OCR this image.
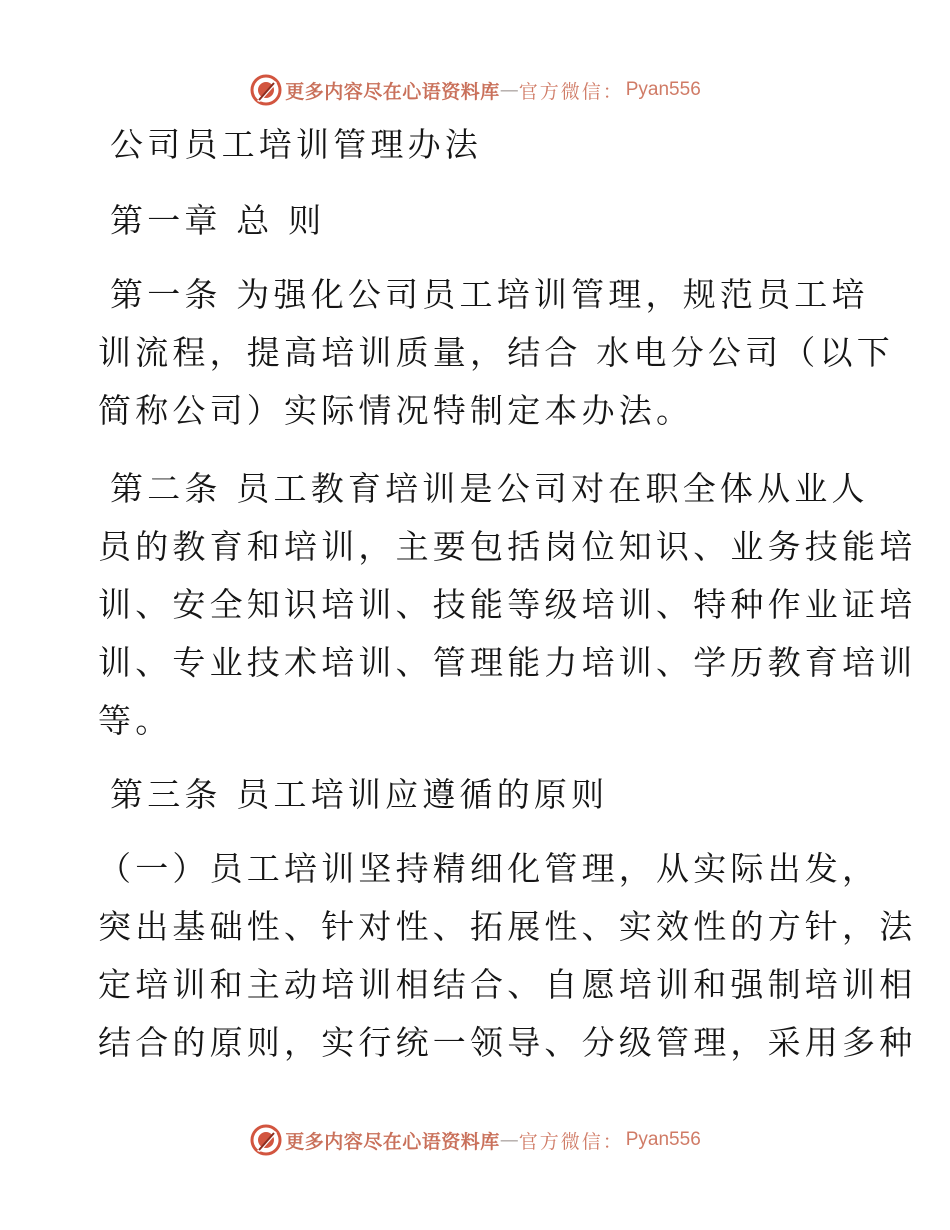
更多内容尽在心语资料库 — 官方微信： Pyan556
公司员工培训管理办法
第一章 总 则
第一条 为强化公司员工培训管理，规范员工培
训流程，提高培训质量，结合 水电分公司（以下
简称公司）实际情况特制定本办法。
第二条 员工教育培训是公司对在职全体从业人
员的教育和培训，主要包括岗位知识、业务技能培
训、安全知识培训、技能等级培训、特种作业证培
训、专业技术培训、管理能力培训、学历教育培训
等。
第三条 员工培训应遵循的原则
（一）员工培训坚持精细化管理，从实际出发，
突出基础性、针对性、拓展性、实效性的方针，法
定培训和主动培训相结合、自愿培训和强制培训相
结合的原则，实行统一领导、分级管理，采用多种
更多内容尽在心语资料库 — 官方微信： Pyan556
